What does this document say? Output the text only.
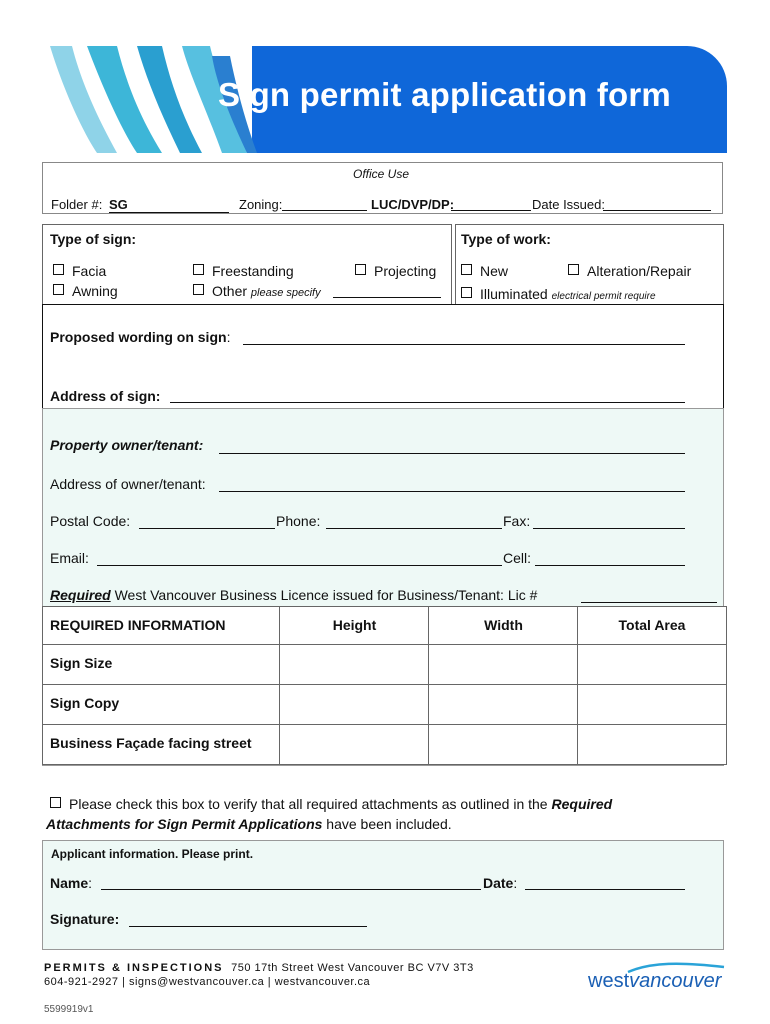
Sign permit application form
Office Use
Folder #: SG	Zoning:	LUC/DVP/DP:	Date Issued:
Type of sign:
Facia
Awning
Freestanding
Other please specify
Projecting
Type of work:
New	Alteration/Repair
Illuminated electrical permit require
Proposed wording on sign:
Address of sign:
Property owner/tenant:
Address of owner/tenant:
Postal Code:	Phone:	Fax:
Email:	Cell:
Required West Vancouver Business Licence issued for Business/Tenant: Lic #
REQUIRED INFORMATION	Height	Width	Total Area
Sign Size
Sign Copy
Business Façade facing street
Please check this box to verify that all required attachments as outlined in the Required
Attachments for Sign Permit Applications have been included.
Applicant information. Please print.
Name:	Date:
Signature:
PERMITS & INSPECTIONS 750 17th Street West Vancouver BC V7V 3T3
604-921-2927 | signs@westvancouver.ca | westvancouver.ca
5599919v1
westvancouver
